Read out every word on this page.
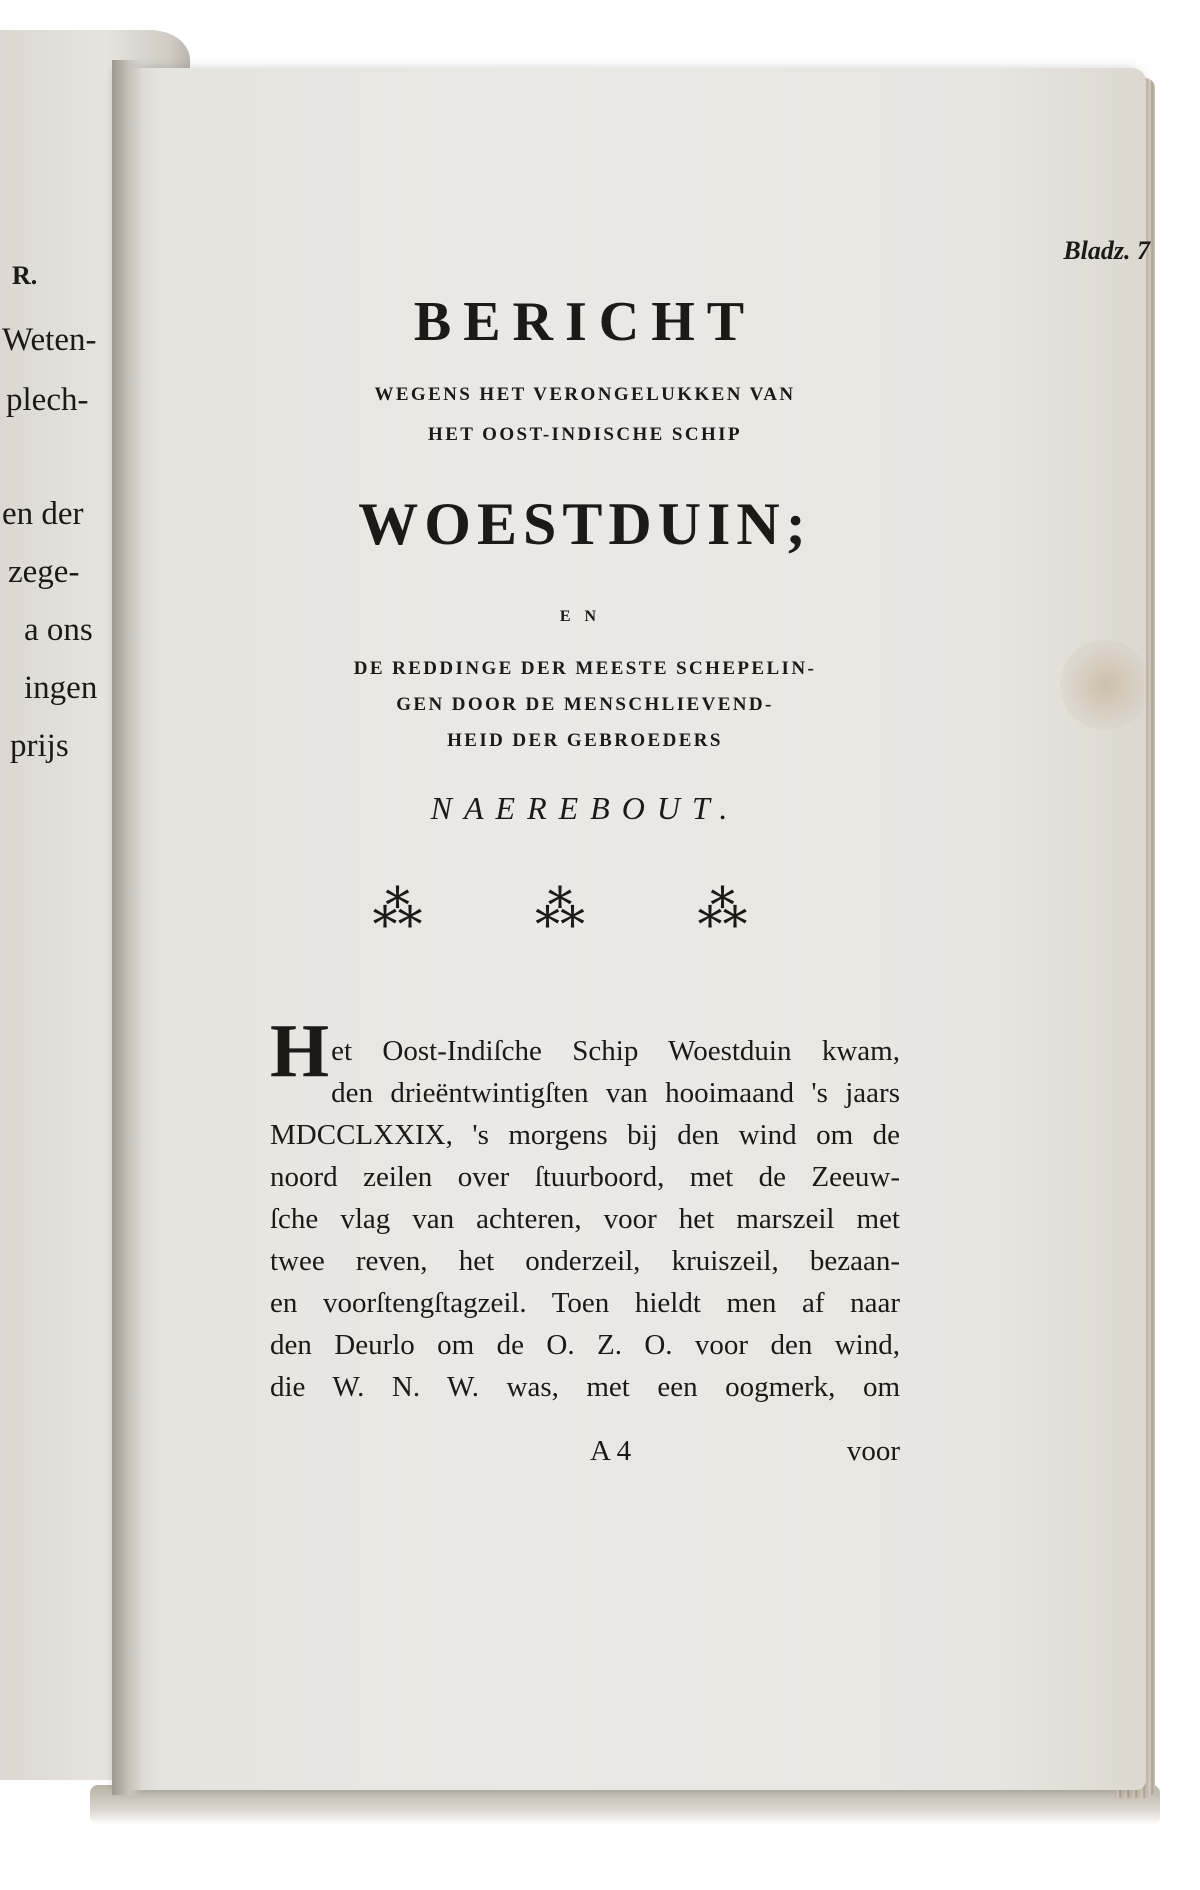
R.
Weten-
plech-
en der
zege-
a ons
ingen
prijs
Bladz. 7
BERICHT
WEGENS HET VERONGELUKKEN VAN
HET OOST-INDISCHE SCHIP
WOESTDUIN;
EN
DE REDDINGE DER MEESTE SCHEPELIN-
GEN DOOR DE MENSCHLIEVEND-
HEID DER GEBROEDERS
NAEREBOUT.
⁂ ⁂ ⁂
H et Oost-Indiſche Schip Woestduin kwam,
den drieëntwintigſten van hooimaand 's jaars
MDCCLXXIX, 's morgens bij den wind om de
noord zeilen over ſtuurboord, met de Zeeuw-
ſche vlag van achteren, voor het marszeil met
twee reven, het onderzeil, kruiszeil, bezaan-
en voorſtengſtagzeil. Toen hieldt men af naar
den Deurlo om de O. Z. O. voor den wind,
die W. N. W. was, met een oogmerk, om
A 4	voor
